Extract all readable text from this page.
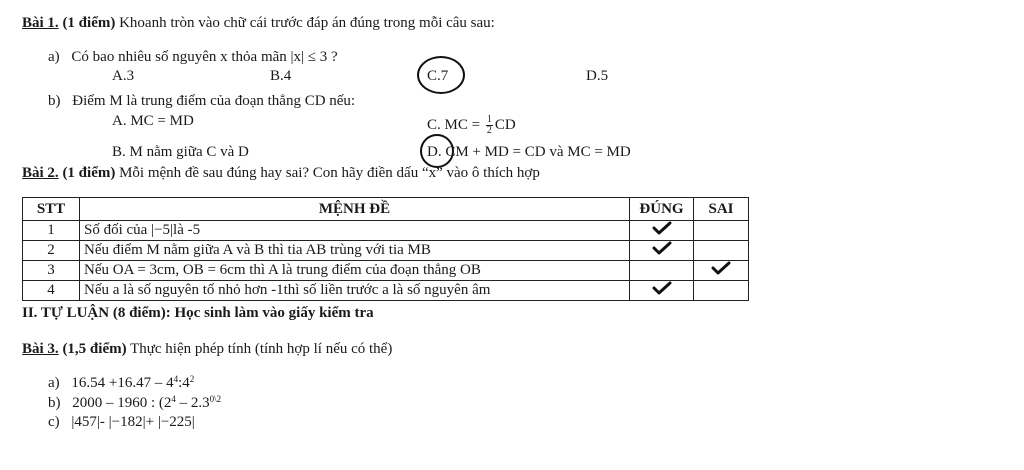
Bài 1. (1 điểm) Khoanh tròn vào chữ cái trước đáp án đúng trong mỗi câu sau:
a) Có bao nhiêu số nguyên x thỏa mãn |x| ≤ 3 ?
A.3	B.4	C.7	D.5
b) Điểm M là trung điểm của đoạn thẳng CD nếu:
A. MC = MD	C. MC = $\frac{1}{2}$ CD
B. M nằm giữa C và D	D. CM + MD = CD và MC = MD
Bài 2. (1 điểm) Mỗi mệnh đề sau đúng hay sai? Con hãy điền dấu “x” vào ô thích hợp
STT	MỆNH ĐỀ	ĐÚNG	SAI
1	Số đối của |−5|là -5		
2	Nếu điểm M nằm giữa A và B thì tia AB trùng với tia MB		
3	Nếu OA = 3cm, OB = 6cm thì A là trung điểm của đoạn thẳng OB		
4	Nếu a là số nguyên tố nhỏ hơn -1thì số liền trước a là số nguyên âm		
II. TỰ LUẬN (8 điểm): Học sinh làm vào giấy kiểm tra
Bài 3. (1,5 điểm) Thực hiện phép tính (tính hợp lí nếu có thể)
a) $16.54 +16.47 - 4^4:4^2$
b) 2000 – 1960 : ($2^4 - 2.3^{0\backslash 2}$
c) |457|- |−182|+ |−225|
